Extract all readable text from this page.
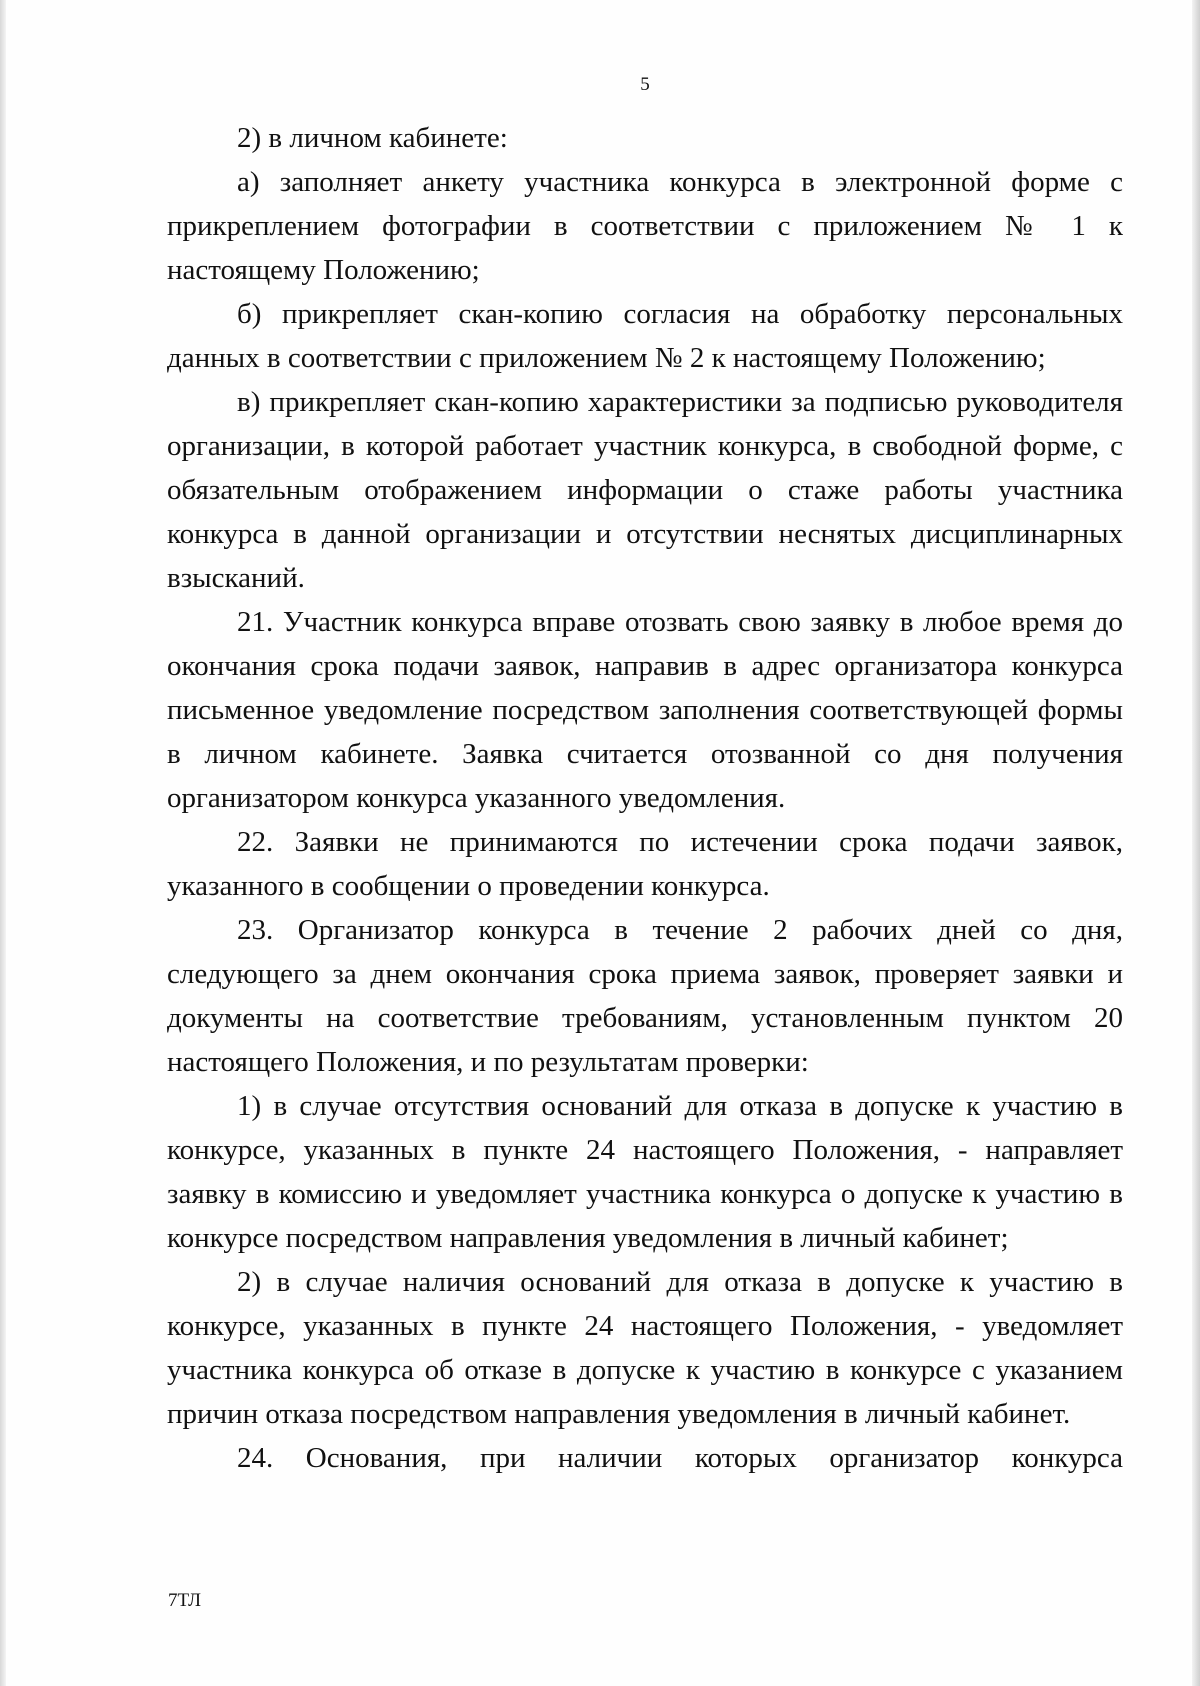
5

2) в личном кабинете:

а) заполняет анкету участника конкурса в электронной форме с прикреплением фотографии в соответствии с приложением № 1 к настоящему Положению;

б) прикрепляет скан-копию согласия на обработку персональных данных в соответствии с приложением № 2 к настоящему Положению;

в) прикрепляет скан-копию характеристики за подписью руководителя организации, в которой работает участник конкурса, в свободной форме, с обязательным отображением информации о стаже работы участника конкурса в данной организации и отсутствии неснятых дисциплинарных взысканий.

21. Участник конкурса вправе отозвать свою заявку в любое время до окончания срока подачи заявок, направив в адрес организатора конкурса письменное уведомление посредством заполнения соответствующей формы в личном кабинете. Заявка считается отозванной со дня получения организатором конкурса указанного уведомления.

22. Заявки не принимаются по истечении срока подачи заявок, указанного в сообщении о проведении конкурса.

23. Организатор конкурса в течение 2 рабочих дней со дня, следующего за днем окончания срока приема заявок, проверяет заявки и документы на соответствие требованиям, установленным пунктом 20 настоящего Положения, и по результатам проверки:

1) в случае отсутствия оснований для отказа в допуске к участию в конкурсе, указанных в пункте 24 настоящего Положения, - направляет заявку в комиссию и уведомляет участника конкурса о допуске к участию в конкурсе посредством направления уведомления в личный кабинет;

2) в случае наличия оснований для отказа в допуске к участию в конкурсе, указанных в пункте 24 настоящего Положения, - уведомляет участника конкурса об отказе в допуске к участию в конкурсе с указанием причин отказа посредством направления уведомления в личный кабинет.

24. Основания, при наличии которых организатор конкурса

7ТЛ
